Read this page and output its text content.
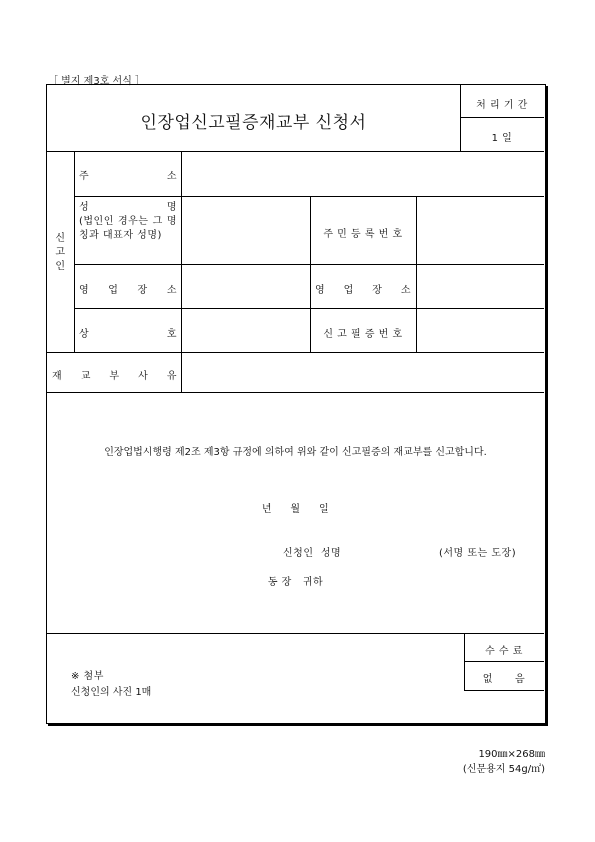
［ 별지 제3호 서식 ］
인장업신고필증재교부 신청서
처 리 기 간
1 일
신
고
인
주 소
성 명
(법인인 경우는 그 명칭과 대표자 성명)	주 민 등 록 번 호
영 업 장 소	영 업 장 소
상 호	신 고 필 증 번 호
재 교 부 사 유
인장업법시행령 제2조 제3항 규정에 의하여 위와 같이 신고필증의 재교부를 신고합니다.
년     월     일
신청인  성명	(서명 또는 도장)
동 장   귀하
수 수 료
없      음
※ 첨부
신청인의 사진 1매
190㎜×268㎜
(신문용지 54g/㎡)
